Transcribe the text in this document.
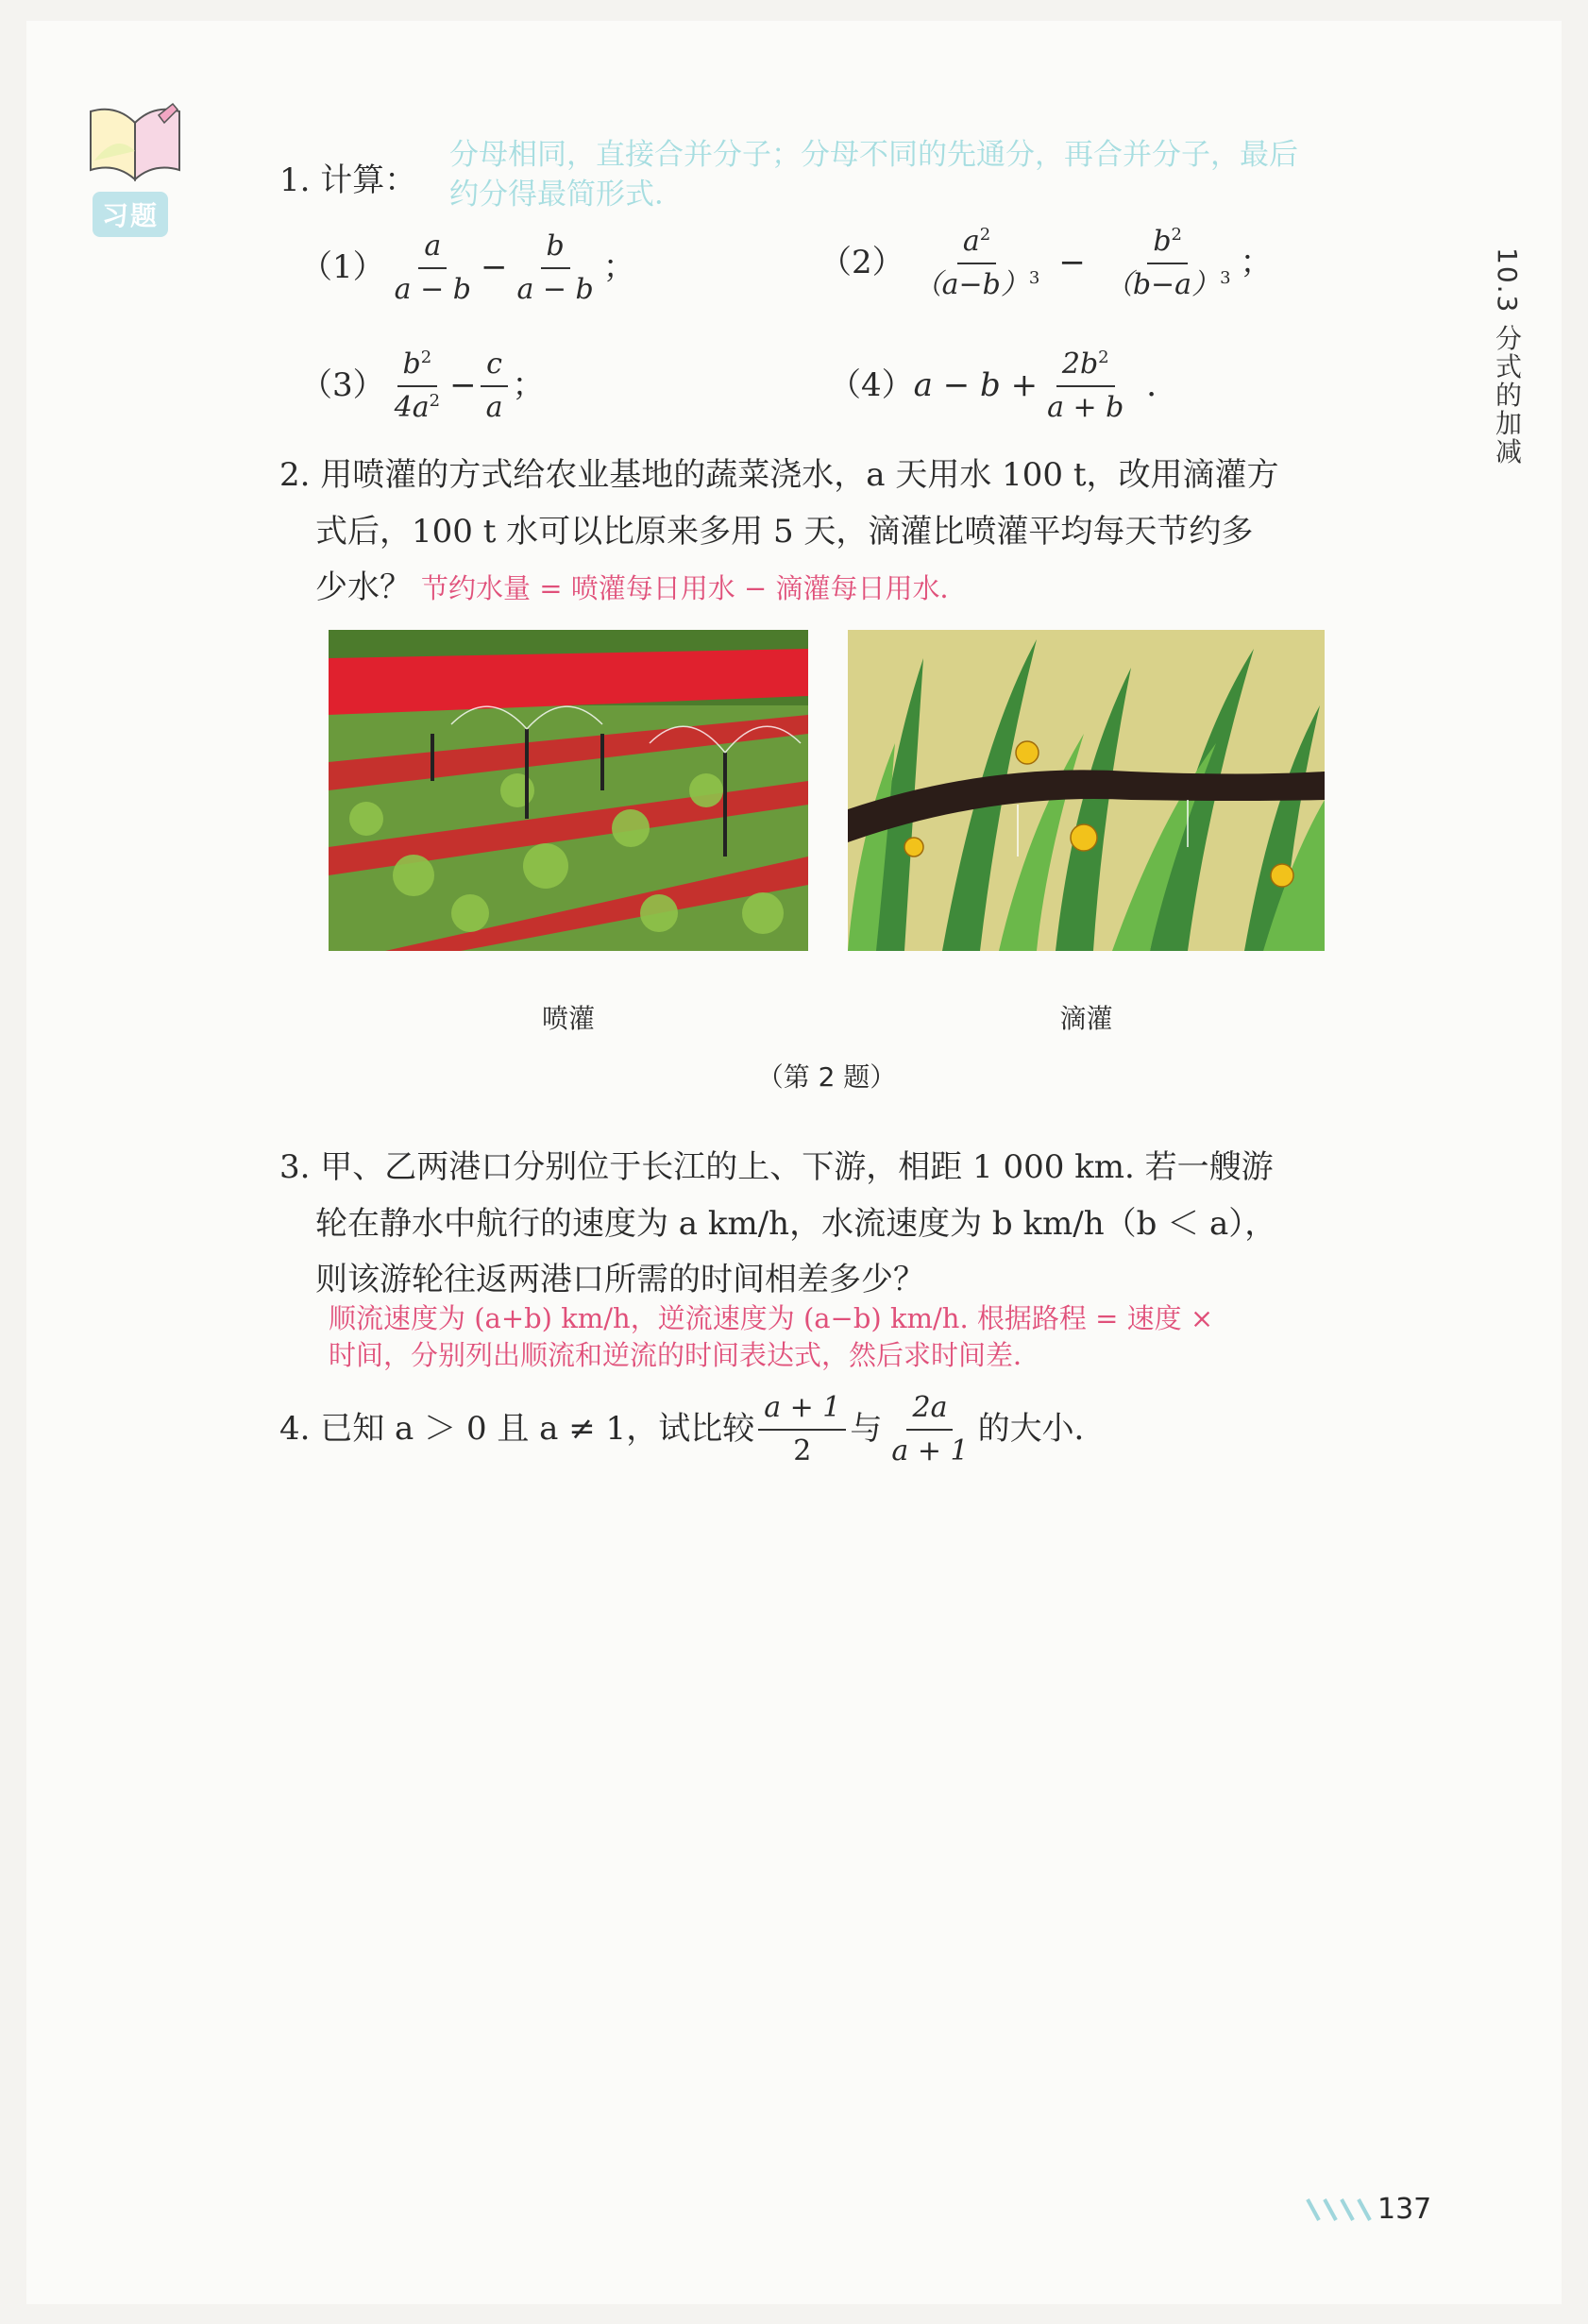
习题
10.3 分式的加减
1. 计算：
分母相同，直接合并分子；分母不同的先通分，再合并分子，最后
约分得最简形式．
$(1) \frac{a}{a - b} - \frac{b}{a - b}$ ；	$(2) \frac{a^2}{(a-b)^3} - \frac{b^2}{(b-a)^3}$ ；
$(3) \frac{b^2}{4a^2} - \frac{c}{a}$ ；	（4） $a - b + \frac{2b^2}{a + b}$ ．
2. 用喷灌的方式给农业基地的蔬菜浇水，a 天用水 100 t，改用滴灌方
式后，100 t 水可以比原来多用 5 天，滴灌比喷灌平均每天节约多
少水？ 节约水量 = 喷灌每日用水 − 滴灌每日用水．
喷灌	滴灌
（第 2 题）
3. 甲、乙两港口分别位于长江的上、下游，相距 1 000 km. 若一艘游
轮在静水中航行的速度为 a km/h，水流速度为 b km/h（b ＜ a），
则该游轮往返两港口所需的时间相差多少？
顺流速度为 (a+b) km/h，逆流速度为 (a−b) km/h. 根据路程 = 速度 ×
时间，分别列出顺流和逆流的时间表达式，然后求时间差．
4. 已知 a ＞ 0 且 a ≠ 1，试比较 $\frac{a + 1}{2}$ 与 $\frac{2a}{a + 1}$ 的大小．
137
